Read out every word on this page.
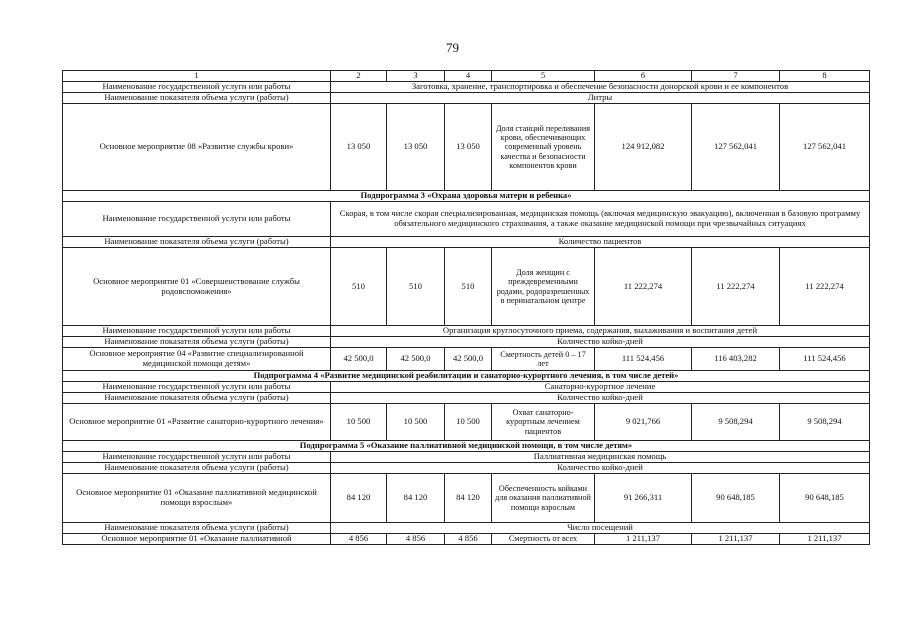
79
1	2	3	4	5	6	7	8
Наименование государственной услуги или работы	Заготовка, хранение, транспортировка и обеспечение безопасности донорской крови и ее компонентов						
Наименование показателя объема услуги (работы)	Литры						
Основное мероприятие 08 «Развитие службы крови»	13 050	13 050	13 050	Доля станций переливания крови, обеспечивающих современный уровень качества и безопасности компонентов крови	124 912,082	127 562,041	127 562,041
Подпрограмма 3 «Охрана здоровья матери и ребенка»							
Наименование государственной услуги или работы	Скорая, в том числе скорая специализированная, медицинская помощь (включая медицинскую эвакуацию), включенная в базовую программу обязательного медицинского страхования, а также оказание медицинской помощи при чрезвычайных ситуациях						
Наименование показателя объема услуги (работы)	Количество пациентов						
Основное мероприятие 01 «Совершенствование службы родовспоможения»	510	510	510	Доля женщин с преждевременными родами, родоразрешенных в перинатальном центре	11 222,274	11 222,274	11 222,274
Наименование государственной услуги или работы	Организация круглосуточного приема, содержания, выхаживания и воспитания детей						
Наименование показателя объема услуги (работы)	Количество койко-дней						
Основное мероприятие 04 «Развитие специализированной медицинской помощи детям»	42 500,0	42 500,0	42 500,0	Смертность детей 0 – 17 лет	111 524,456	116 403,282	111 524,456
Подпрограмма 4 «Развитие медицинской реабилитации и санаторно-курортного лечения, в том числе детей»							
Наименование государственной услуги или работы	Санаторно-курортное лечение						
Наименование показателя объема услуги (работы)	Количество койко-дней						
Основное мероприятие 01 «Развитие санаторно-курортного лечения»	10 500	10 500	10 500	Охват санаторно-курортным лечением пациентов	9 021,766	9 508,294	9 508,294
Подпрограмма 5 «Оказание паллиативной медицинской помощи, в том числе детям»							
Наименование государственной услуги или работы	Паллиативная медицинская помощь						
Наименование показателя объема услуги (работы)	Количество койко-дней						
Основное мероприятие 01 «Оказание паллиативной медицинской помощи взрослым»	84 120	84 120	84 120	Обеспеченность койками для оказания паллиативной помощи взрослым	91 266,311	90 648,185	90 648,185
Наименование показателя объема услуги (работы)	Число посещений						
Основное мероприятие 01 «Оказание паллиативной	4 856	4 856	4 856	Смертность от всех	1 211,137	1 211,137	1 211,137
